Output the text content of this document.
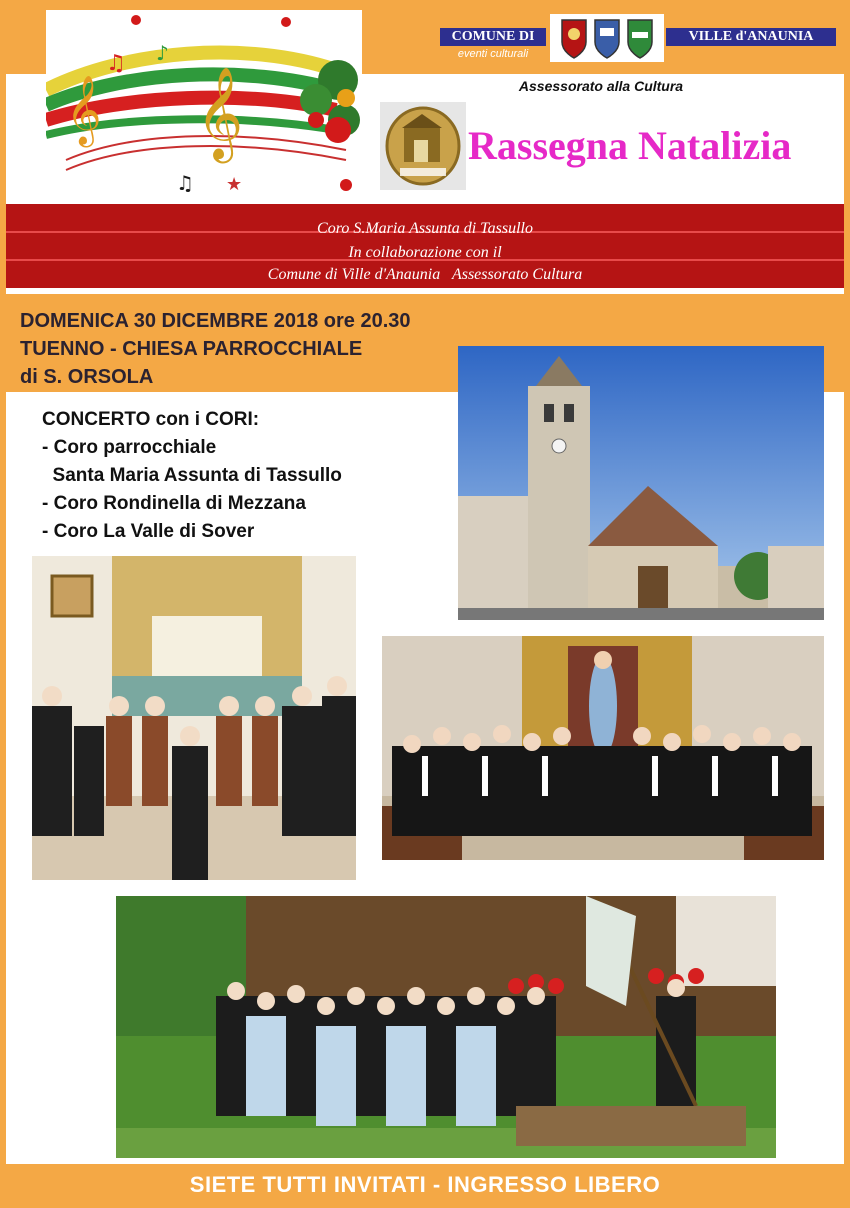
𝄞 𝄞
♫ ♪
♫ ★
COMUNE DI
eventi culturali
VILLE d'ANAUNIA
Assessorato alla Cultura
Rassegna Natalizia
Coro S.Maria Assunta di Tassullo
In collaborazione con il
Comune di Ville d'Anaunia   Assessorato Cultura
DOMENICA 30 DICEMBRE 2018 ore 20.30
TUENNO - CHIESA PARROCCHIALE
di S. ORSOLA
CONCERTO con i CORI:
- Coro parrocchiale
Santa Maria Assunta di Tassullo
- Coro Rondinella di Mezzana
- Coro La Valle di Sover
SIETE TUTTI INVITATI - INGRESSO LIBERO
